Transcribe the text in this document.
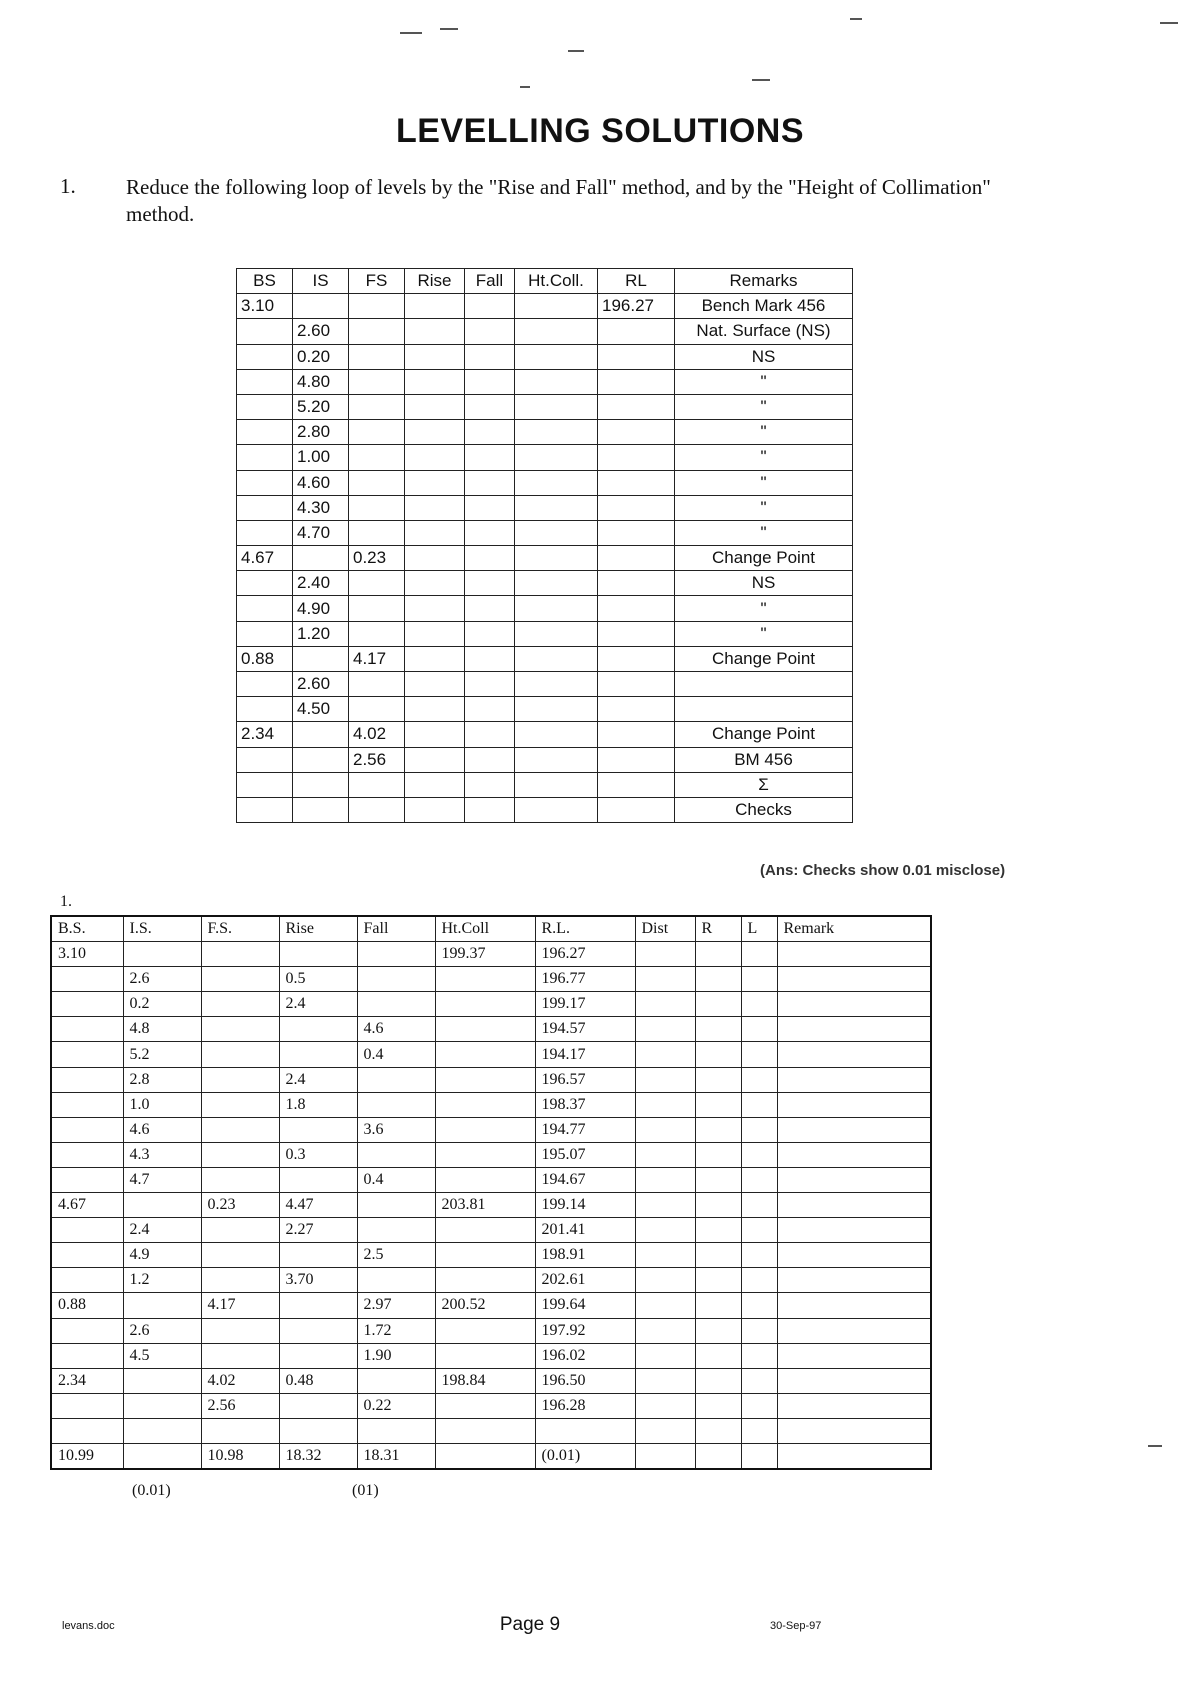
LEVELLING SOLUTIONS
1. Reduce the following loop of levels by the "Rise and Fall" method, and by the "Height of Collimation" method.
BS	IS	FS	Rise	Fall	Ht.Coll.	RL	Remarks
3.10						196.27	Bench Mark 456
	2.60						Nat. Surface (NS)
	0.20						NS
	4.80						"
	5.20						"
	2.80						"
	1.00						"
	4.60						"
	4.30						"
	4.70						"
4.67		0.23					Change Point
	2.40						NS
	4.90						"
	1.20						"
0.88		4.17					Change Point
	2.60						
	4.50						
2.34		4.02					Change Point
		2.56					BM 456
							Σ
							Checks
(Ans: Checks show 0.01 misclose)
1.
B.S.	I.S.	F.S.	Rise	Fall	Ht.Coll	R.L.	Dist	R	L	Remark
3.10					199.37	196.27				
	2.6		0.5			196.77				
	0.2		2.4			199.17				
	4.8			4.6		194.57				
	5.2			0.4		194.17				
	2.8		2.4			196.57				
	1.0		1.8			198.37				
	4.6			3.6		194.77				
	4.3		0.3			195.07				
	4.7			0.4		194.67				
4.67		0.23	4.47		203.81	199.14				
	2.4		2.27			201.41				
	4.9			2.5		198.91				
	1.2		3.70			202.61				
0.88		4.17		2.97	200.52	199.64				
	2.6			1.72		197.92				
	4.5			1.90		196.02				
2.34		4.02	0.48		198.84	196.50				
		2.56		0.22		196.28				

10.99		10.98	18.32	18.31		(0.01)				
(0.01)	(01)
levans.doc	Page 9	30-Sep-97
